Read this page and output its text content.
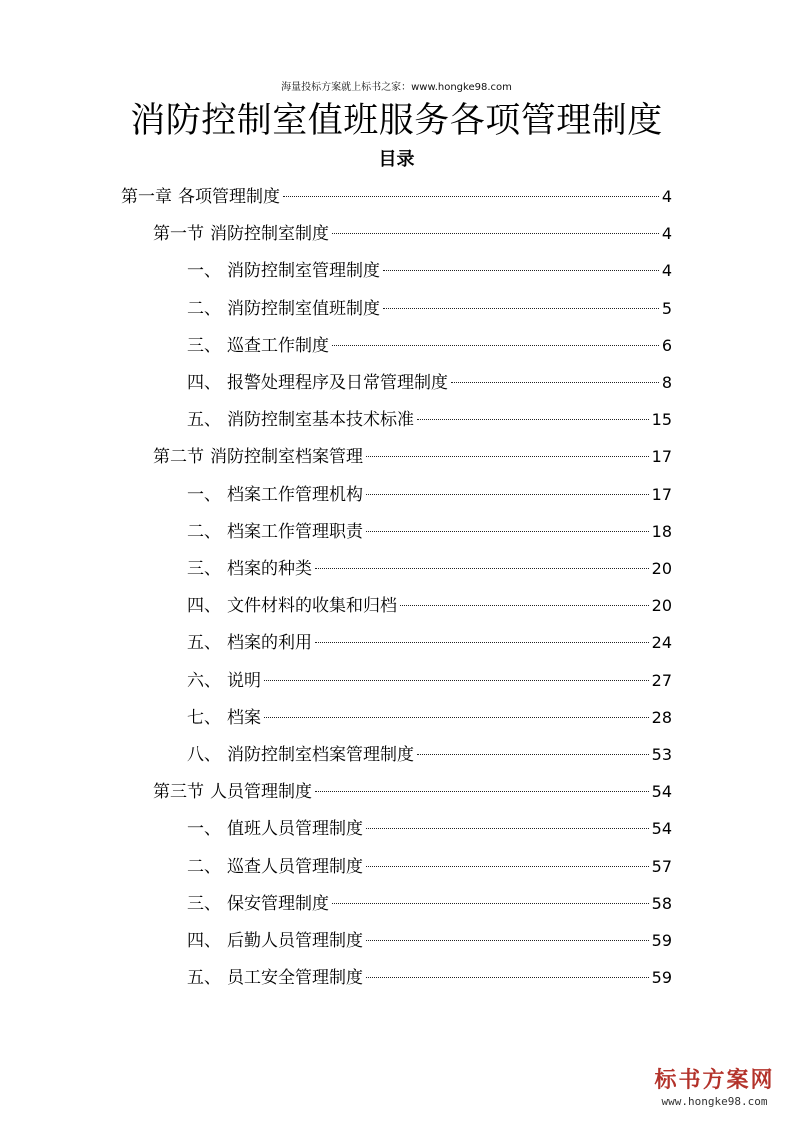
海量投标方案就上标书之家：www.hongke98.com
消防控制室值班服务各项管理制度
目录
第一章 各项管理制度	4
第一节 消防控制室制度	4
一、 消防控制室管理制度	4
二、 消防控制室值班制度	5
三、 巡查工作制度	6
四、 报警处理程序及日常管理制度	8
五、 消防控制室基本技术标准	15
第二节 消防控制室档案管理	17
一、 档案工作管理机构	17
二、 档案工作管理职责	18
三、 档案的种类	20
四、 文件材料的收集和归档	20
五、 档案的利用	24
六、 说明	27
七、 档案	28
八、 消防控制室档案管理制度	53
第三节 人员管理制度	54
一、 值班人员管理制度	54
二、 巡查人员管理制度	57
三、 保安管理制度	58
四、 后勤人员管理制度	59
五、 员工安全管理制度	59
标书方案网
www.hongke98.com
